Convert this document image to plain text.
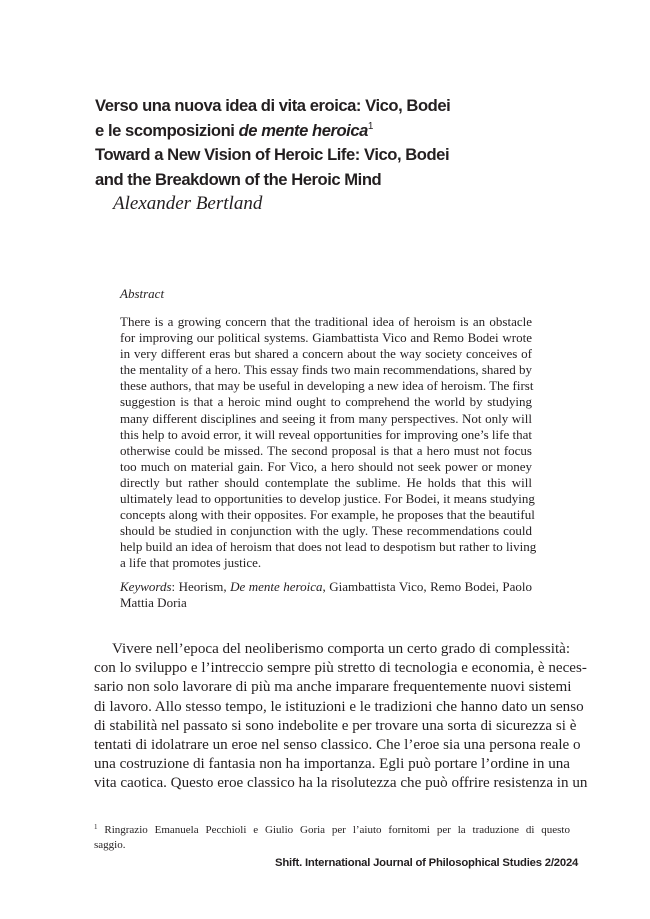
Verso una nuova idea di vita eroica: Vico, Bodei
e le scomposizioni de mente heroica$^1$
Toward a New Vision of Heroic Life: Vico, Bodei
and the Breakdown of the Heroic Mind
Alexander Bertland
Abstract
There is a growing concern that the traditional idea of heroism is an obstacle
for improving our political systems. Giambattista Vico and Remo Bodei wrote
in very different eras but shared a concern about the way society conceives of
the mentality of a hero. This essay finds two main recommendations, shared by
these authors, that may be useful in developing a new idea of heroism. The first
suggestion is that a heroic mind ought to comprehend the world by studying
many different disciplines and seeing it from many perspectives. Not only will
this help to avoid error, it will reveal opportunities for improving one’s life that
otherwise could be missed. The second proposal is that a hero must not focus
too much on material gain. For Vico, a hero should not seek power or money
directly but rather should contemplate the sublime. He holds that this will
ultimately lead to opportunities to develop justice. For Bodei, it means studying
concepts along with their opposites. For example, he proposes that the beautiful
should be studied in conjunction with the ugly. These recommendations could
help build an idea of heroism that does not lead to despotism but rather to living
a life that promotes justice.
Keywords: Heorism, De mente heroica, Giambattista Vico, Remo Bodei, Paolo
Mattia Doria
Vivere nell’epoca del neoliberismo comporta un certo grado di complessità:
con lo sviluppo e l’intreccio sempre più stretto di tecnologia e economia, è neces-
sario non solo lavorare di più ma anche imparare frequentemente nuovi sistemi
di lavoro. Allo stesso tempo, le istituzioni e le tradizioni che hanno dato un senso
di stabilità nel passato si sono indebolite e per trovare una sorta di sicurezza si è
tentati di idolatrare un eroe nel senso classico. Che l’eroe sia una persona reale o
una costruzione di fantasia non ha importanza. Egli può portare l’ordine in una
vita caotica. Questo eroe classico ha la risolutezza che può offrire resistenza in un
$^1$ Ringrazio Emanuela Pecchioli e Giulio Goria per l’aiuto fornitomi per la traduzione di questo
saggio.
Shift. International Journal of Philosophical Studies 2/2024
